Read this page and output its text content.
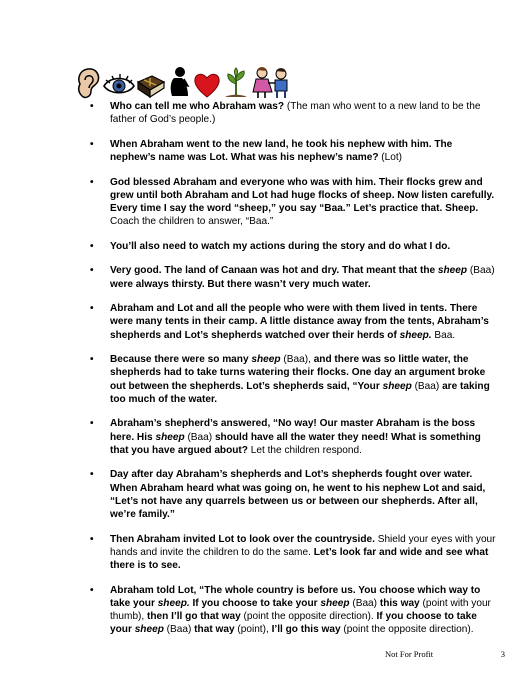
• Who can tell me who Abraham was? (The man who went to a new land to be the father of God’s people.)
• When Abraham went to the new land, he took his nephew with him. The nephew’s name was Lot. What was his nephew’s name? (Lot)
• God blessed Abraham and everyone who was with him. Their flocks grew and grew until both Abraham and Lot had huge flocks of sheep. Now listen carefully. Every time I say the word “sheep,” you say “Baa.” Let’s practice that. Sheep. Coach the children to answer, “Baa.”
• You’ll also need to watch my actions during the story and do what I do.
• Very good. The land of Canaan was hot and dry. That meant that the sheep (Baa) were always thirsty. But there wasn’t very much water.
• Abraham and Lot and all the people who were with them lived in tents. There were many tents in their camp. A little distance away from the tents, Abraham’s shepherds and Lot’s shepherds watched over their herds of sheep. Baa.
• Because there were so many sheep (Baa), and there was so little water, the shepherds had to take turns watering their flocks. One day an argument broke out between the shepherds. Lot’s shepherds said, “Your sheep (Baa) are taking too much of the water.
• Abraham’s shepherd’s answered, “No way! Our master Abraham is the boss here. His sheep (Baa) should have all the water they need! What is something that you have argued about? Let the children respond.
• Day after day Abraham’s shepherds and Lot’s shepherds fought over water. When Abraham heard what was going on, he went to his nephew Lot and said, “Let’s not have any quarrels between us or between our shepherds. After all, we’re family.”
• Then Abraham invited Lot to look over the countryside. Shield your eyes with your hands and invite the children to do the same. Let’s look far and wide and see what there is to see.
• Abraham told Lot, “The whole country is before us. You choose which way to take your sheep. If you choose to take your sheep (Baa) this way (point with your thumb), then I’ll go that way (point the opposite direction). If you choose to take your sheep (Baa) that way (point), I’ll go this way (point the opposite direction).
Not For Profit	3
